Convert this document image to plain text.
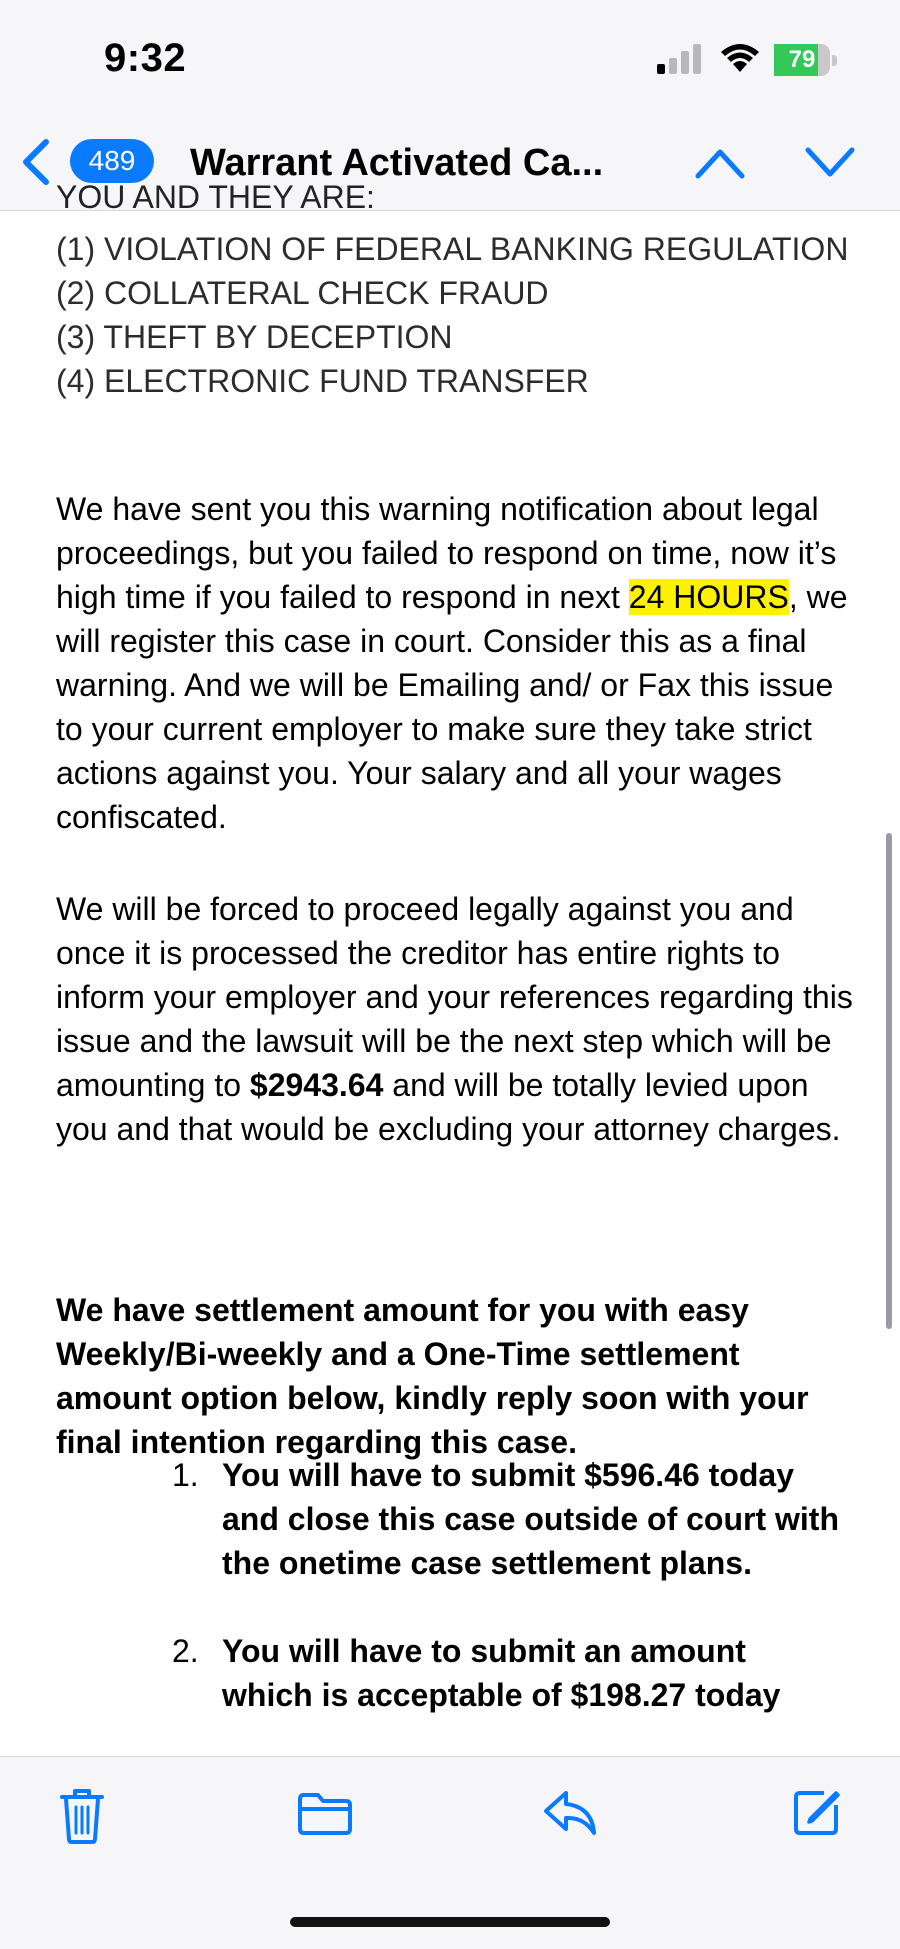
9:32	79
489	Warrant Activated Ca...
YOU AND THEY ARE:
(1) VIOLATION OF FEDERAL BANKING REGULATION
(2) COLLATERAL CHECK FRAUD
(3) THEFT BY DECEPTION
(4) ELECTRONIC FUND TRANSFER
We have sent you this warning notification about legal proceedings, but you failed to respond on time, now it’s high time if you failed to respond in next 24 HOURS, we will register this case in court. Consider this as a final warning. And we will be Emailing and/ or Fax this issue to your current employer to make sure they take strict actions against you. Your salary and all your wages confiscated.
We will be forced to proceed legally against you and once it is processed the creditor has entire rights to inform your employer and your references regarding this issue and the lawsuit will be the next step which will be amounting to $2943.64 and will be totally levied upon you and that would be excluding your attorney charges.
We have settlement amount for you with easy Weekly/Bi-weekly and a One-Time settlement amount option below, kindly reply soon with your final intention regarding this case.
1. You will have to submit $596.46 today and close this case outside of court with the onetime case settlement plans.
2. You will have to submit an amount which is acceptable of $198.27 today
